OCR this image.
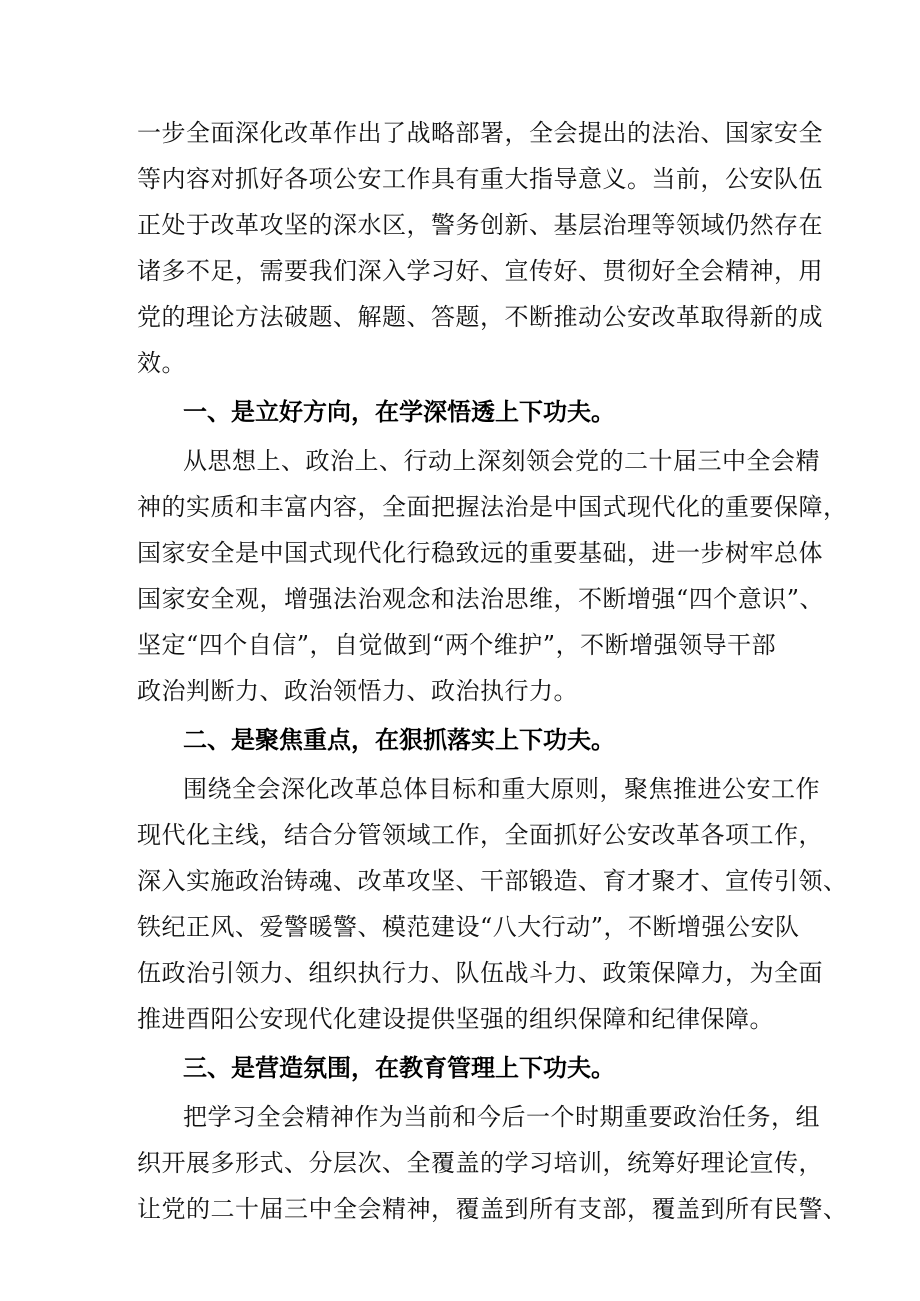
一步全面深化改革作出了战略部署，全会提出的法治、国家安全
等内容对抓好各项公安工作具有重大指导意义。当前，公安队伍
正处于改革攻坚的深水区，警务创新、基层治理等领域仍然存在
诸多不足，需要我们深入学习好、宣传好、贯彻好全会精神，用
党的理论方法破题、解题、答题，不断推动公安改革取得新的成
效。
一、是立好方向，在学深悟透上下功夫。
从思想上、政治上、行动上深刻领会党的二十届三中全会精
神的实质和丰富内容，全面把握法治是中国式现代化的重要保障，
国家安全是中国式现代化行稳致远的重要基础，进一步树牢总体
国家安全观，增强法治观念和法治思维，不断增强“四个意识”、
坚定“四个自信”，自觉做到“两个维护”，不断增强领导干部
政治判断力、政治领悟力、政治执行力。
二、是聚焦重点，在狠抓落实上下功夫。
围绕全会深化改革总体目标和重大原则，聚焦推进公安工作
现代化主线，结合分管领域工作，全面抓好公安改革各项工作，
深入实施政治铸魂、改革攻坚、干部锻造、育才聚才、宣传引领、
铁纪正风、爱警暖警、模范建设“八大行动”，不断增强公安队
伍政治引领力、组织执行力、队伍战斗力、政策保障力，为全面
推进酉阳公安现代化建设提供坚强的组织保障和纪律保障。
三、是营造氛围，在教育管理上下功夫。
把学习全会精神作为当前和今后一个时期重要政治任务，组
织开展多形式、分层次、全覆盖的学习培训，统筹好理论宣传，
让党的二十届三中全会精神，覆盖到所有支部，覆盖到所有民警、
